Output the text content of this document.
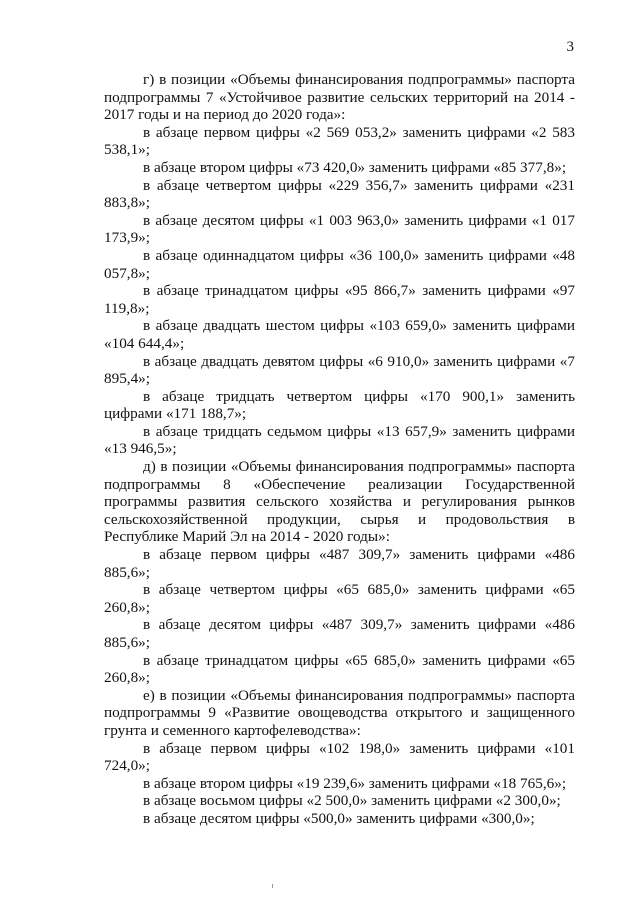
3
г) в позиции «Объемы финансирования подпрограммы» паспорта подпрограммы 7 «Устойчивое развитие сельских территорий на 2014 - 2017 годы и на период до 2020 года»:
в абзаце первом цифры «2 569 053,2» заменить цифрами «2 583 538,1»;
в абзаце втором цифры «73 420,0» заменить цифрами «85 377,8»;
в абзаце четвертом цифры «229 356,7» заменить цифрами «231 883,8»;
в абзаце десятом цифры «1 003 963,0» заменить цифрами «1 017 173,9»;
в абзаце одиннадцатом цифры «36 100,0» заменить цифрами «48 057,8»;
в абзаце тринадцатом цифры «95 866,7» заменить цифрами «97 119,8»;
в абзаце двадцать шестом цифры «103 659,0» заменить цифрами «104 644,4»;
в абзаце двадцать девятом цифры «6 910,0» заменить цифрами «7 895,4»;
в абзаце тридцать четвертом цифры «170 900,1» заменить цифрами «171 188,7»;
в абзаце тридцать седьмом цифры «13 657,9» заменить цифрами «13 946,5»;
д) в позиции «Объемы финансирования подпрограммы» паспорта подпрограммы 8 «Обеспечение реализации Государственной программы развития сельского хозяйства и регулирования рынков сельскохозяйственной продукции, сырья и продовольствия в Республике Марий Эл на 2014 - 2020 годы»:
в абзаце первом цифры «487 309,7» заменить цифрами «486 885,6»;
в абзаце четвертом цифры «65 685,0» заменить цифрами «65 260,8»;
в абзаце десятом цифры «487 309,7» заменить цифрами «486 885,6»;
в абзаце тринадцатом цифры «65 685,0» заменить цифрами «65 260,8»;
е) в позиции «Объемы финансирования подпрограммы» паспорта подпрограммы 9 «Развитие овощеводства открытого и защищенного грунта и семенного картофелеводства»:
в абзаце первом цифры «102 198,0» заменить цифрами «101 724,0»;
в абзаце втором цифры «19 239,6» заменить цифрами «18 765,6»;
в абзаце восьмом цифры «2 500,0» заменить цифрами «2 300,0»;
в абзаце десятом цифры «500,0» заменить цифрами «300,0»;
